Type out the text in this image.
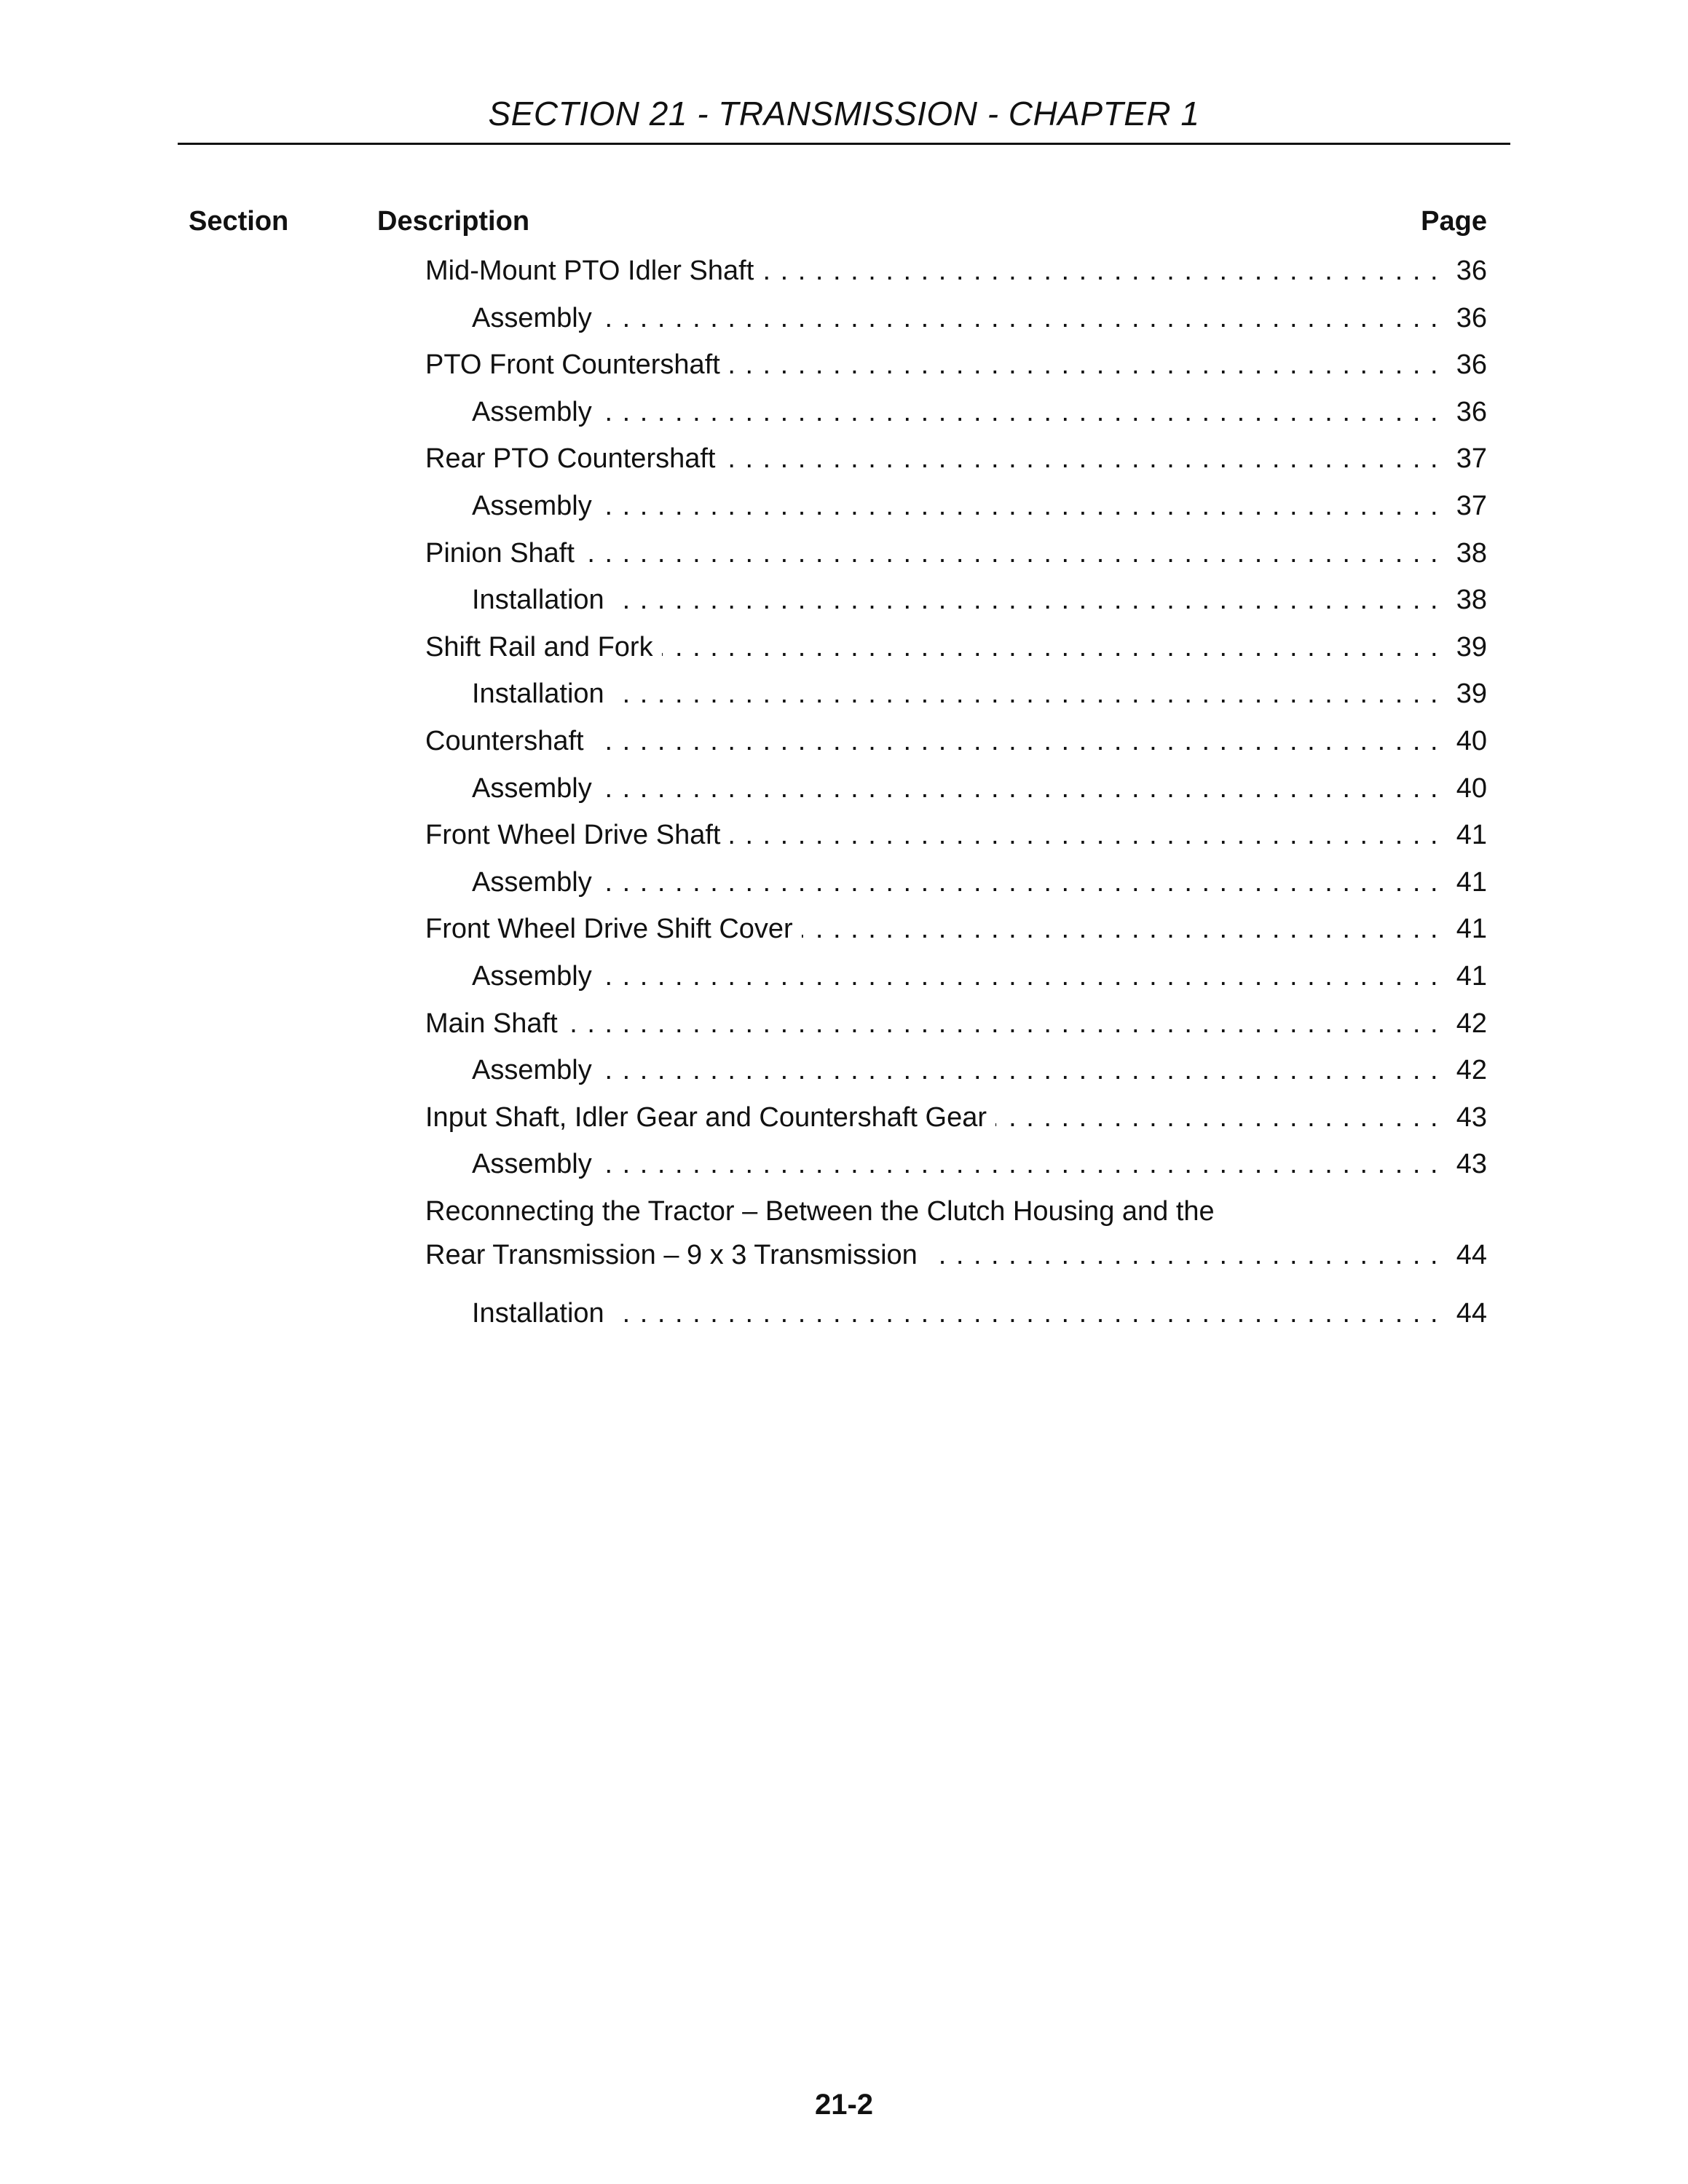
SECTION 21 - TRANSMISSION - CHAPTER 1
Section	Description	Page
Mid-Mount PTO Idler Shaft . . .	36
Assembly . . .	36
PTO Front Countershaft . . .	36
Assembly . . .	36
Rear PTO Countershaft . . .	37
Assembly . . .	37
Pinion Shaft . . .	38
Installation . . .	38
Shift Rail and Fork . . .	39
Installation . . .	39
Countershaft . . .	40
Assembly . . .	40
Front Wheel Drive Shaft . . .	41
Assembly . . .	41
Front Wheel Drive Shift Cover . . .	41
Assembly . . .	41
Main Shaft . . .	42
Assembly . . .	42
Input Shaft, Idler Gear and Countershaft Gear . . .	43
Assembly . . .	43
Reconnecting the Tractor – Between the Clutch Housing and the
Rear Transmission – 9 x 3 Transmission . . .	44
Installation . . .	44
21-2
